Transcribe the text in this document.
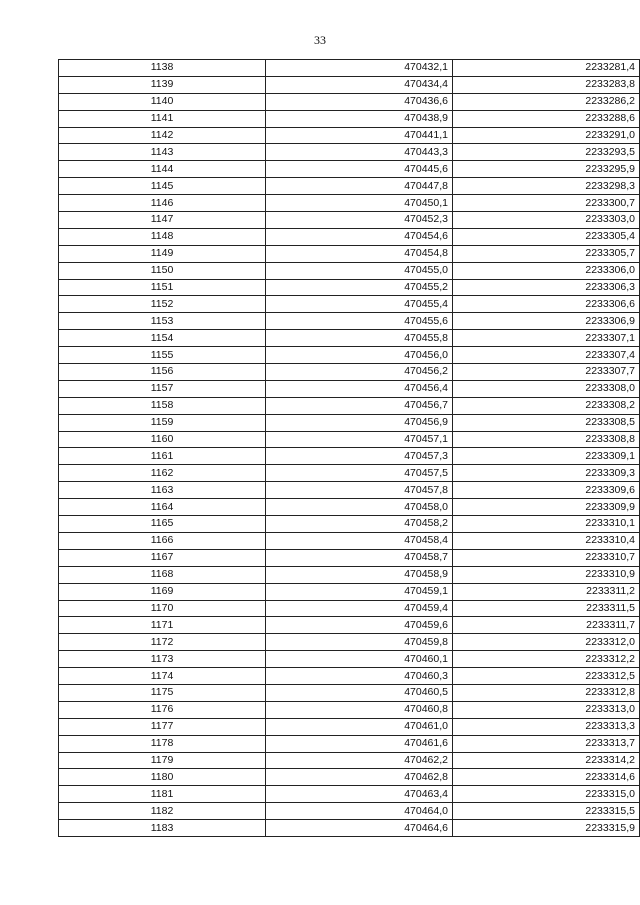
33
1138	470432,1	2233281,4
1139	470434,4	2233283,8
1140	470436,6	2233286,2
1141	470438,9	2233288,6
1142	470441,1	2233291,0
1143	470443,3	2233293,5
1144	470445,6	2233295,9
1145	470447,8	2233298,3
1146	470450,1	2233300,7
1147	470452,3	2233303,0
1148	470454,6	2233305,4
1149	470454,8	2233305,7
1150	470455,0	2233306,0
1151	470455,2	2233306,3
1152	470455,4	2233306,6
1153	470455,6	2233306,9
1154	470455,8	2233307,1
1155	470456,0	2233307,4
1156	470456,2	2233307,7
1157	470456,4	2233308,0
1158	470456,7	2233308,2
1159	470456,9	2233308,5
1160	470457,1	2233308,8
1161	470457,3	2233309,1
1162	470457,5	2233309,3
1163	470457,8	2233309,6
1164	470458,0	2233309,9
1165	470458,2	2233310,1
1166	470458,4	2233310,4
1167	470458,7	2233310,7
1168	470458,9	2233310,9
1169	470459,1	2233311,2
1170	470459,4	2233311,5
1171	470459,6	2233311,7
1172	470459,8	2233312,0
1173	470460,1	2233312,2
1174	470460,3	2233312,5
1175	470460,5	2233312,8
1176	470460,8	2233313,0
1177	470461,0	2233313,3
1178	470461,6	2233313,7
1179	470462,2	2233314,2
1180	470462,8	2233314,6
1181	470463,4	2233315,0
1182	470464,0	2233315,5
1183	470464,6	2233315,9
